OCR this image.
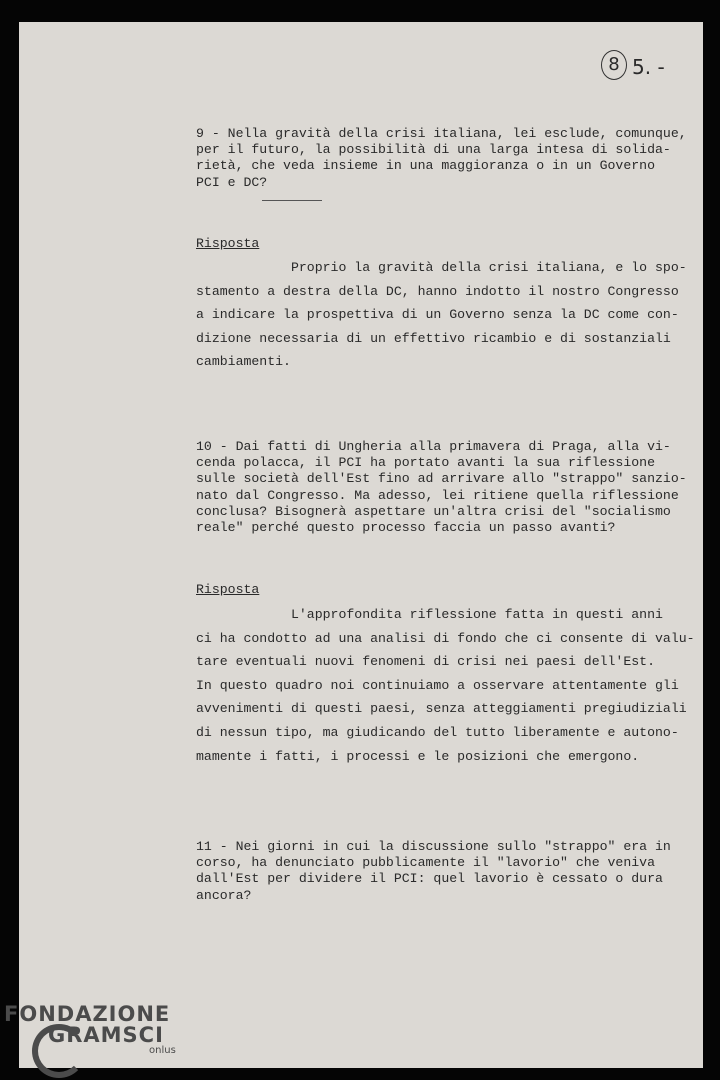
8 5. -
9 - Nella gravità della crisi italiana, lei esclude, comunque,
per il futuro, la possibilità di una larga intesa di solida-
rietà, che veda insieme in una maggioranza o in un Governo
PCI e DC?
Risposta
Proprio la gravità della crisi italiana, e lo spo-
stamento a destra della DC, hanno indotto il nostro Congresso
a indicare la prospettiva di un Governo senza la DC come con-
dizione necessaria di un effettivo ricambio e di sostanziali
cambiamenti.
10 - Dai fatti di Ungheria alla primavera di Praga, alla vi-
cenda polacca, il PCI ha portato avanti la sua riflessione
sulle società dell'Est fino ad arrivare allo "strappo" sanzio-
nato dal Congresso. Ma adesso, lei ritiene quella riflessione
conclusa? Bisognerà aspettare un'altra crisi del "socialismo
reale" perché questo processo faccia un passo avanti?
Risposta
L'approfondita riflessione fatta in questi anni
ci ha condotto ad una analisi di fondo che ci consente di valu-
tare eventuali nuovi fenomeni di crisi nei paesi dell'Est.
In questo quadro noi continuiamo a osservare attentamente gli
avvenimenti di questi paesi, senza atteggiamenti pregiudiziali
di nessun tipo, ma giudicando del tutto liberamente e autono-
mamente i fatti, i processi e le posizioni che emergono.
11 - Nei giorni in cui la discussione sullo "strappo" era in
corso, ha denunciato pubblicamente il "lavorio" che veniva
dall'Est per dividere il PCI: quel lavorio è cessato o dura
ancora?
FONDAZIONE
GRAMSCI
onlus
